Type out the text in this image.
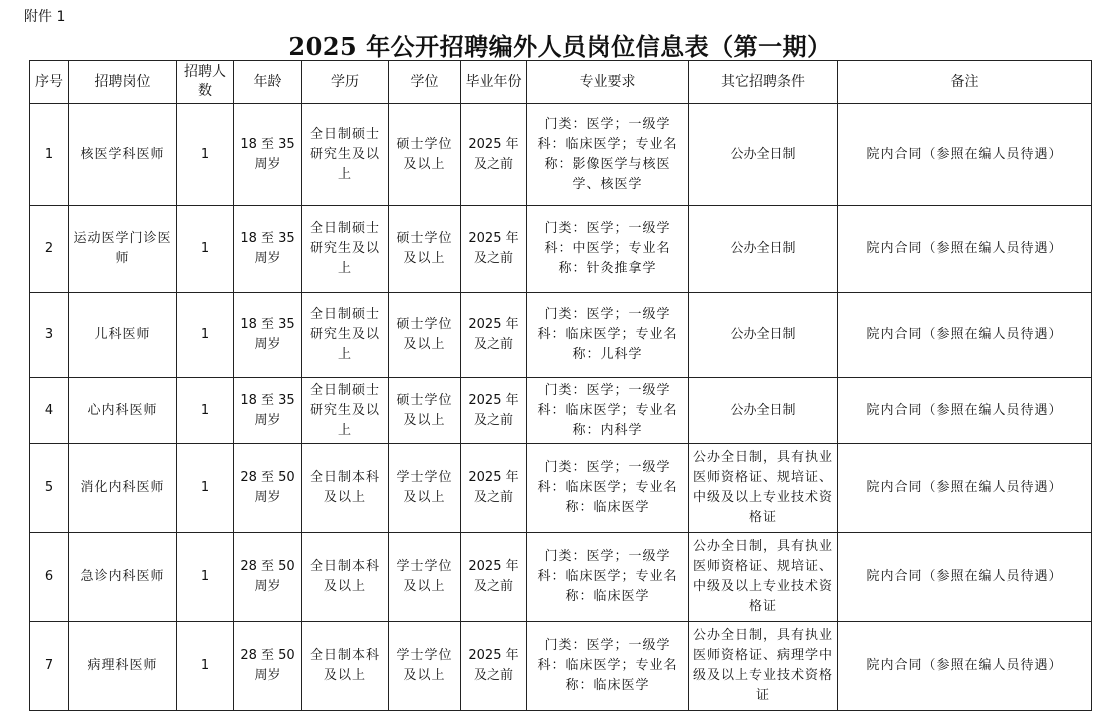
附件 1
2025 年公开招聘编外人员岗位信息表（第一期）
序号	招聘岗位	招聘人数	年龄	学历	学位	毕业年份	专业要求	其它招聘条件	备注
1	核医学科医师	1	18 至 35 周岁	全日制硕士研究生及以上	硕士学位及以上	2025 年及之前	门类：医学；一级学科：临床医学；专业名称：影像医学与核医学、核医学	公办全日制	院内合同（参照在编人员待遇）
2	运动医学门诊医师	1	18 至 35 周岁	全日制硕士研究生及以上	硕士学位及以上	2025 年及之前	门类：医学；一级学科：中医学；专业名称：针灸推拿学	公办全日制	院内合同（参照在编人员待遇）
3	儿科医师	1	18 至 35 周岁	全日制硕士研究生及以上	硕士学位及以上	2025 年及之前	门类：医学；一级学科：临床医学；专业名称：儿科学	公办全日制	院内合同（参照在编人员待遇）
4	心内科医师	1	18 至 35 周岁	全日制硕士研究生及以上	硕士学位及以上	2025 年及之前	门类：医学；一级学科：临床医学；专业名称：内科学	公办全日制	院内合同（参照在编人员待遇）
5	消化内科医师	1	28 至 50 周岁	全日制本科及以上	学士学位及以上	2025 年及之前	门类：医学；一级学科：临床医学；专业名称：临床医学	公办全日制，具有执业医师资格证、规培证、中级及以上专业技术资格证	院内合同（参照在编人员待遇）
6	急诊内科医师	1	28 至 50 周岁	全日制本科及以上	学士学位及以上	2025 年及之前	门类：医学；一级学科：临床医学；专业名称：临床医学	公办全日制，具有执业医师资格证、规培证、中级及以上专业技术资格证	院内合同（参照在编人员待遇）
7	病理科医师	1	28 至 50 周岁	全日制本科及以上	学士学位及以上	2025 年及之前	门类：医学；一级学科：临床医学；专业名称：临床医学	公办全日制，具有执业医师资格证、病理学中级及以上专业技术资格证	院内合同（参照在编人员待遇）
